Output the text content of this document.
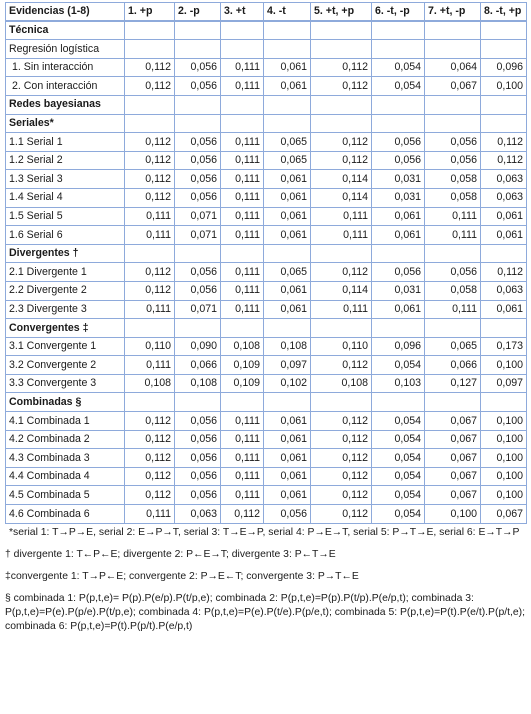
Evidencias (1-8)	1. +p	2. -p	3. +t	4. -t	5. +t, +p	6. -t, -p	7. +t, -p	8. -t, +p
Técnica								
Regresión logística								
1. Sin interacción	0,112	0,056	0,111	0,061	0,112	0,054	0,064	0,096
2. Con interacción	0,112	0,056	0,111	0,061	0,112	0,054	0,067	0,100
Redes bayesianas								
Seriales*								
1.1 Serial 1	0,112	0,056	0,111	0,065	0,112	0,056	0,056	0,112
1.2 Serial 2	0,112	0,056	0,111	0,065	0,112	0,056	0,056	0,112
1.3 Serial 3	0,112	0,056	0,111	0,061	0,114	0,031	0,058	0,063
1.4 Serial 4	0,112	0,056	0,111	0,061	0,114	0,031	0,058	0,063
1.5 Serial 5	0,111	0,071	0,111	0,061	0,111	0,061	0,111	0,061
1.6 Serial 6	0,111	0,071	0,111	0,061	0,111	0,061	0,111	0,061
Divergentes †								
2.1 Divergente 1	0,112	0,056	0,111	0,065	0,112	0,056	0,056	0,112
2.2 Divergente 2	0,112	0,056	0,111	0,061	0,114	0,031	0,058	0,063
2.3 Divergente 3	0,111	0,071	0,111	0,061	0,111	0,061	0,111	0,061
Convergentes ‡								
3.1 Convergente 1	0,110	0,090	0,108	0,108	0,110	0,096	0,065	0,173
3.2 Convergente 2	0,111	0,066	0,109	0,097	0,112	0,054	0,066	0,100
3.3 Convergente 3	0,108	0,108	0,109	0,102	0,108	0,103	0,127	0,097
Combinadas §								
4.1 Combinada 1	0,112	0,056	0,111	0,061	0,112	0,054	0,067	0,100
4.2 Combinada 2	0,112	0,056	0,111	0,061	0,112	0,054	0,067	0,100
4.3 Combinada 3	0,112	0,056	0,111	0,061	0,112	0,054	0,067	0,100
4.4 Combinada 4	0,112	0,056	0,111	0,061	0,112	0,054	0,067	0,100
4.5 Combinada 5	0,112	0,056	0,111	0,061	0,112	0,054	0,067	0,100
4.6 Combinada 6	0,111	0,063	0,112	0,056	0,112	0,054	0,100	0,067

*serial 1: T→P→E, serial 2: E→P→T, serial 3: T→E→P, serial 4: P→E→T, serial 5: P→T→E, serial 6: E→T→P

† divergente 1: T←P←E; divergente 2: P←E→T; divergente 3: P←T→E

‡convergente 1: T→P←E; convergente 2: P→E←T; convergente 3: P→T←E

§ combinada 1: P(p,t,e)= P(p).P(e/p).P(t/p,e); combinada 2: P(p,t,e)=P(p).P(t/p).P(e/p,t); combinada 3: P(p,t,e)=P(e).P(p/e).P(t/p,e); combinada 4: P(p,t,e)=P(e).P(t/e).P(p/e,t); combinada 5: P(p,t,e)=P(t).P(e/t).P(p/t,e); combinada 6: P(p,t,e)=P(t).P(p/t).P(e/p,t)
